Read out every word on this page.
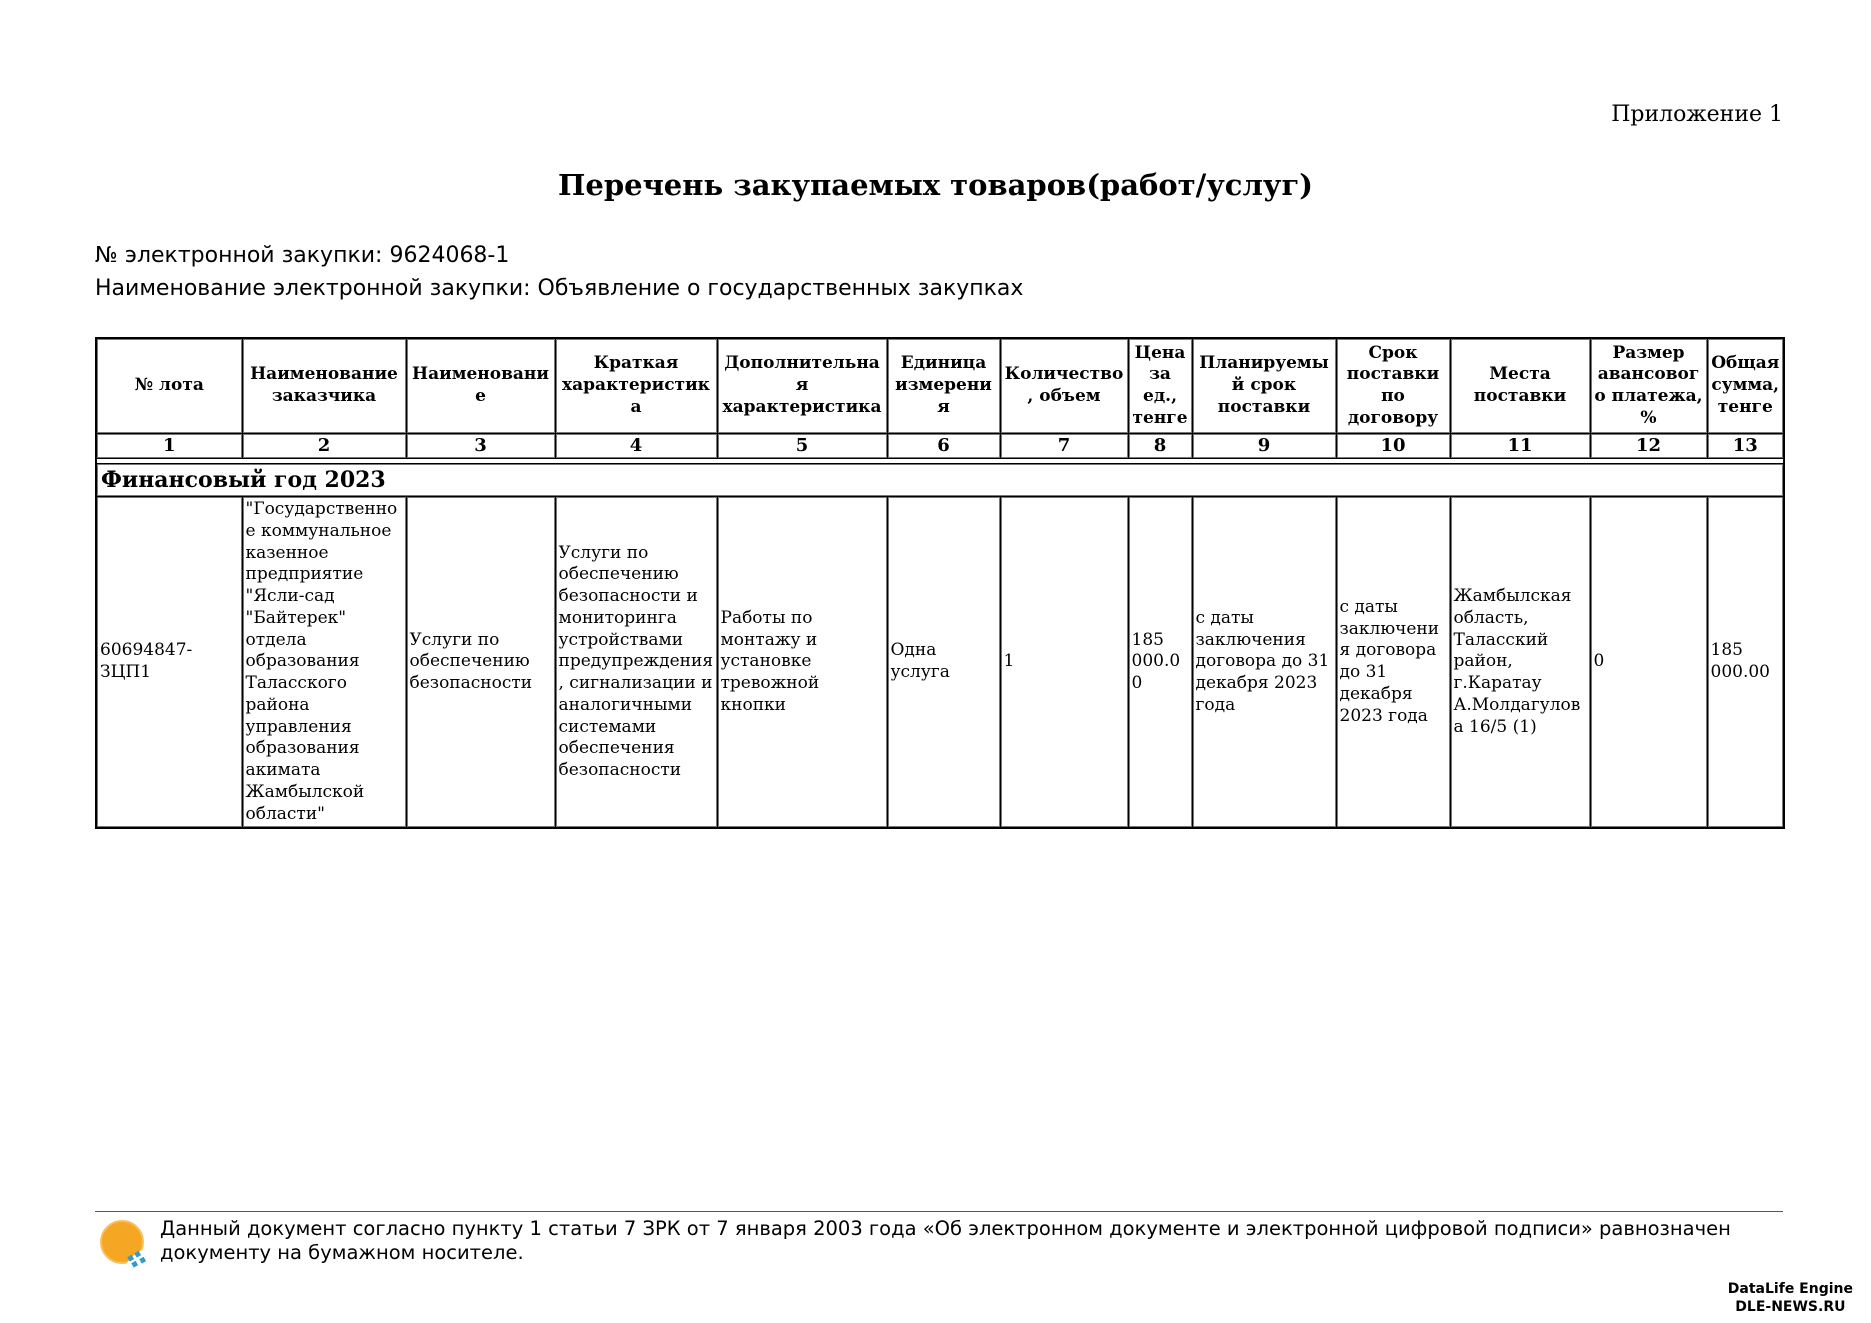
Приложение 1
Перечень закупаемых товаров(работ/услуг)
№ электронной закупки: 9624068-1
Наименование электронной закупки: Объявление о государственных закупках
№ лота	Наименование заказчика	Наименование	Краткая характеристика	Дополнительная характеристика	Единица измерения	Количество, объем	Цена за ед., тенге	Планируемый срок поставки	Срок поставки по договору	Места поставки	Размер авансового платежа, %	Общая сумма, тенге
1	2	3	4	5	6	7	8	9	10	11	12	13

Финансовый год 2023												
60694847-ЗЦП1	"Государственное коммунальное казенное предприятие "Ясли-сад "Байтерек" отдела образования Таласского района управления образования акимата Жамбылской области"	Услуги по обеспечению безопасности	Услуги по обеспечению безопасности и мониторинга устройствами предупреждения, сигнализации и аналогичными системами обеспечения безопасности	Работы по монтажу и установке тревожной кнопки	Одна услуга	1	185 000.00	с даты заключения договора до 31 декабря 2023 года	с даты заключения договора до 31 декабря 2023 года	Жамбылская область, Таласский район, г.Каратау А.Молдагулова 16/5 (1)	0	185 000.00
Данный документ согласно пункту 1 статьи 7 ЗРК от 7 января 2003 года «Об электронном документе и электронной цифровой подписи» равнозначен документу на бумажном носителе.
DataLife Engine
DLE-NEWS.RU
